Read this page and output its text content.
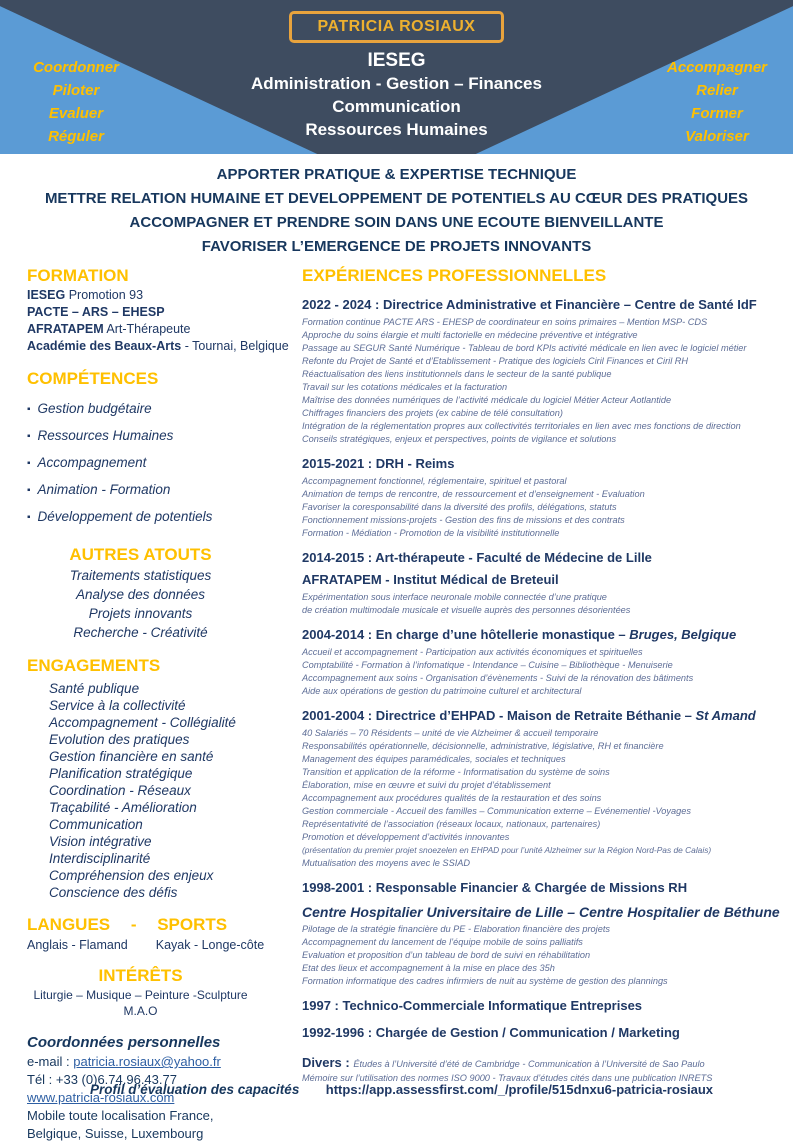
Coordonner
Piloter
Evaluer
Réguler
Accompagner
Relier
Former
Valoriser
PATRICIA ROSIAUX
IESEG
Administration - Gestion – Finances
Communication
Ressources Humaines
APPORTER PRATIQUE & EXPERTISE TECHNIQUE
METTRE RELATION HUMAINE ET DEVELOPPEMENT DE POTENTIELS AU CŒUR DES PRATIQUES
ACCOMPAGNER ET PRENDRE SOIN DANS UNE ECOUTE BIENVEILLANTE
FAVORISER L’EMERGENCE DE PROJETS INNOVANTS
FORMATION
IESEG Promotion 93
PACTE – ARS – EHESP
AFRATAPEM Art-Thérapeute
Académie des Beaux-Arts - Tournai, Belgique
COMPÉTENCES
▪ Gestion budgétaire
▪ Ressources Humaines
▪ Accompagnement
▪ Animation - Formation
▪ Développement de potentiels
AUTRES ATOUTS
Traitements statistiques
Analyse des données
Projets innovants
Recherche - Créativité
ENGAGEMENTS
Santé publique
Service à la collectivité
Accompagnement - Collégialité
Evolution des pratiques
Gestion financière en santé
Planification stratégique
Coordination - Réseaux
Traçabilité - Amélioration
Communication
Vision intégrative
Interdisciplinarité
Compréhension des enjeux
Conscience des défis
LANGUES - SPORTS
Anglais - Flamand Kayak - Longe-côte
INTÉRÊTS
Liturgie – Musique – Peinture -Sculpture
M.A.O
Coordonnées personnelles
e-mail : patricia.rosiaux@yahoo.fr
Tél : +33 (0)6.74.96.43.77
www.patricia-rosiaux.com
Mobile toute localisation France,
Belgique, Suisse, Luxembourg
EXPÉRIENCES PROFESSIONNELLES
2022 - 2024 : Directrice Administrative et Financière – Centre de Santé IdF
Formation continue PACTE ARS - EHESP de coordinateur en soins primaires – Mention MSP- CDS
Approche du soins élargie et multi factorielle en médecine préventive et intégrative
Passage au SEGUR Santé Numérique - Tableau de bord KPIs activité médicale en lien avec le logiciel métier
Refonte du Projet de Santé et d’Etablissement - Pratique des logiciels Ciril Finances et Ciril RH
Réactualisation des liens institutionnels dans le secteur de la santé publique
Travail sur les cotations médicales et la facturation
Maîtrise des données numériques de l’activité médicale du logiciel Métier Acteur Aotlantide
Chiffrages financiers des projets (ex cabine de télé consultation)
Intégration de la réglementation propres aux collectivités territoriales en lien avec mes fonctions de direction
Conseils stratégiques, enjeux et perspectives, points de vigilance et solutions
2015-2021 : DRH - Reims
Accompagnement fonctionnel, réglementaire, spirituel et pastoral
Animation de temps de rencontre, de ressourcement et d’enseignement - Evaluation
Favoriser la coresponsabilité dans la diversité des profils, délégations, statuts
Fonctionnement missions-projets - Gestion des fins de missions et des contrats
Formation - Médiation - Promotion de la visibilité institutionnelle
2014-2015 : Art-thérapeute - Faculté de Médecine de Lille
AFRATAPEM - Institut Médical de Breteuil
Expérimentation sous interface neuronale mobile connectée d’une pratique
de création multimodale musicale et visuelle auprès des personnes désorientées
2004-2014 : En charge d’une hôtellerie monastique – Bruges, Belgique
Accueil et accompagnement - Participation aux activités économiques et spirituelles
Comptabilité - Formation à l’infomatique - Intendance – Cuisine – Bibliothèque - Menuiserie
Accompagnement aux soins - Organisation d’évènements - Suivi de la rénovation des bâtiments
Aide aux opérations de gestion du patrimoine culturel et architectural
2001-2004 : Directrice d’EHPAD - Maison de Retraite Béthanie – St Amand
40 Salariés – 70 Résidents – unité de vie Alzheimer & accueil temporaire
Responsabilités opérationnelle, décisionnelle, administrative, législative, RH et financière
Management des équipes paramédicales, sociales et techniques
Transition et application de la réforme - Informatisation du système de soins
Élaboration, mise en œuvre et suivi du projet d’établissement
Accompagnement aux procédures qualités de la restauration et des soins
Gestion commerciale - Accueil des familles – Communication externe – Evénementiel -Voyages
Représentativité de l’association (réseaux locaux, nationaux, partenaires)
Promotion et développement d’activités innovantes
(présentation du premier projet snoezelen en EHPAD pour l’unité Alzheimer sur la Région Nord-Pas de Calais)
Mutualisation des moyens avec le SSIAD
1998-2001 : Responsable Financier & Chargée de Missions RH
Centre Hospitalier Universitaire de Lille – Centre Hospitalier de Béthune
Pilotage de la stratégie financière du PE - Elaboration financière des projets
Accompagnement du lancement de l’équipe mobile de soins palliatifs
Evaluation et proposition d’un tableau de bord de suivi en réhabilitation
Etat des lieux et accompagnement à la mise en place des 35h
Formation informatique des cadres infirmiers de nuit au système de gestion des plannings
1997 : Technico-Commerciale Informatique Entreprises
1992-1996 : Chargée de Gestion / Communication / Marketing
Divers : Études à l’Université d’été de Cambridge - Communication à l’Université de Sao Paulo
Mémoire sur l’utilisation des normes ISO 9000 - Travaux d’études cités dans une publication INRETS
Profil d’évaluation des capacités https://app.assessfirst.com/_/profile/515dnxu6-patricia-rosiaux
